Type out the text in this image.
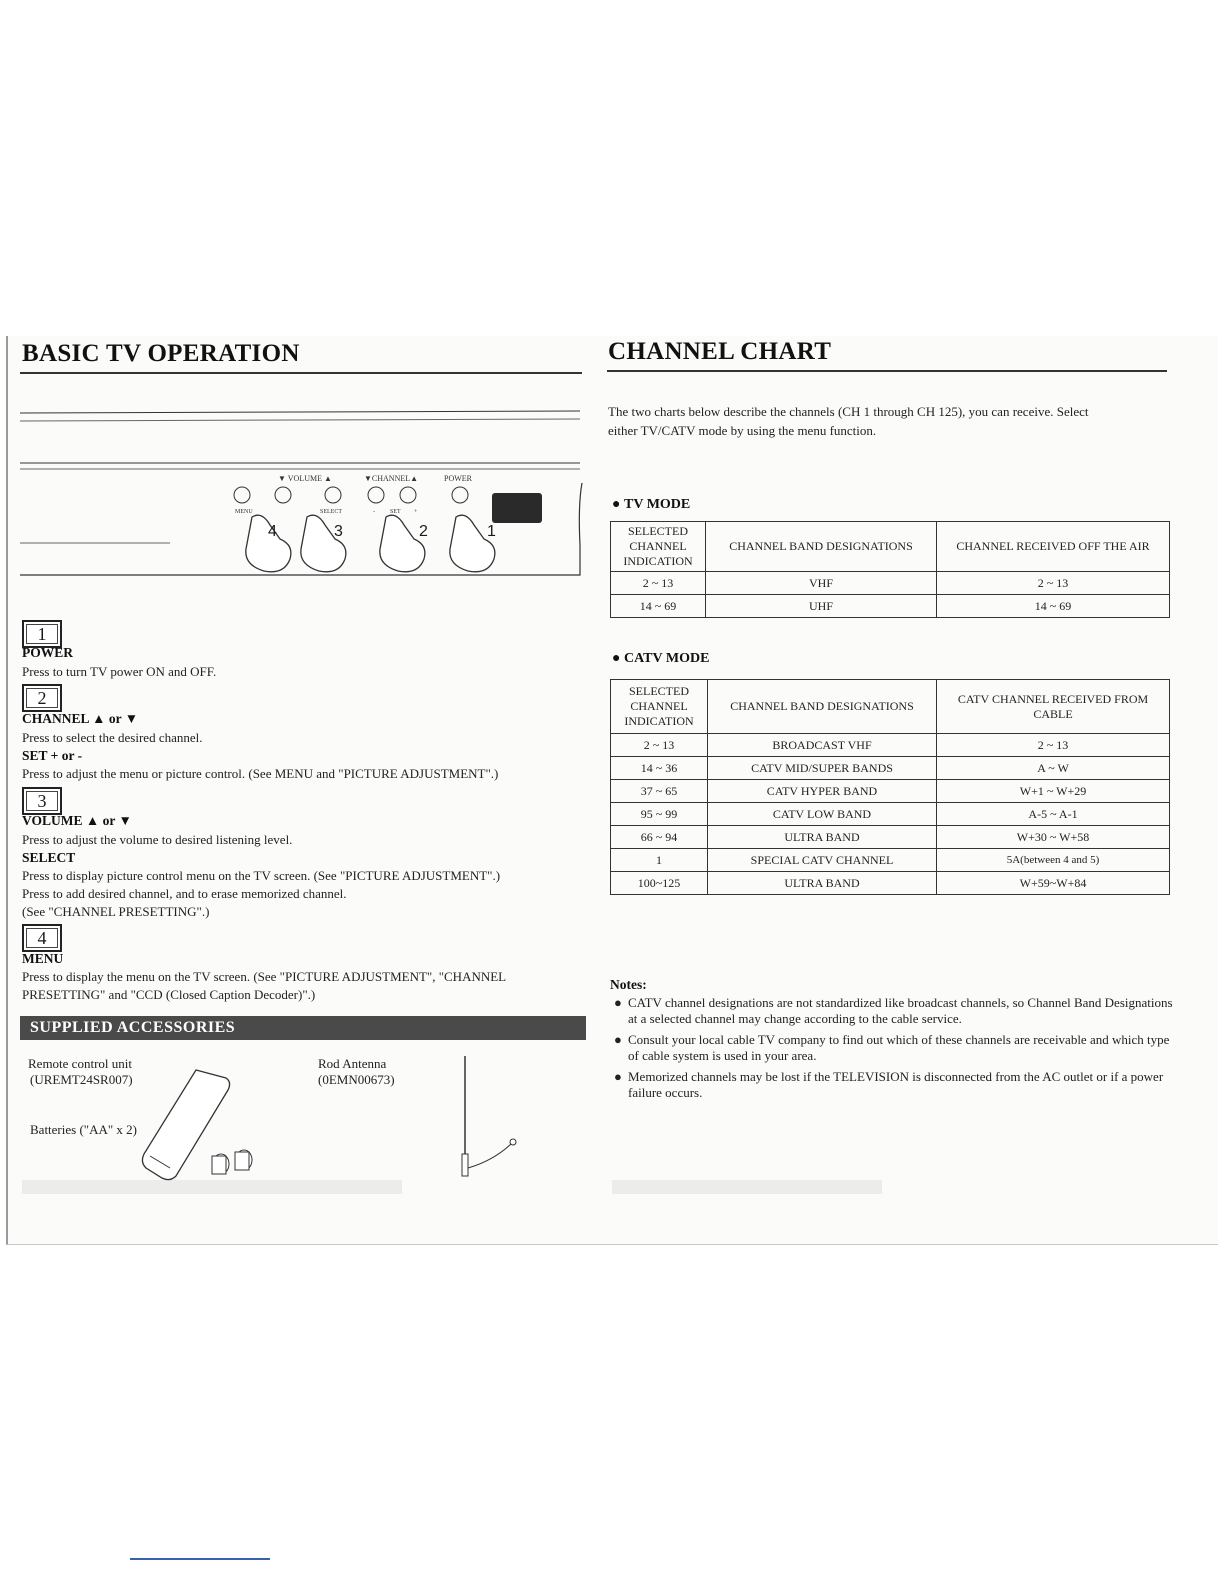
BASIC TV OPERATION
▼ VOLUME ▲	▼CHANNEL▲	POWER
MENU	SELECT	SET
-	+
4	3	2	1
1
POWER
Press to turn TV power ON and OFF.
2
CHANNEL ▲ or ▼
Press to select the desired channel.
SET + or -
Press to adjust the menu or picture control. (See MENU and "PICTURE ADJUSTMENT".)
3
VOLUME ▲ or ▼
Press to adjust the volume to desired listening level.
SELECT
Press to display picture control menu on the TV screen. (See "PICTURE ADJUSTMENT".)
Press to add desired channel, and to erase memorized channel.
(See "CHANNEL PRESETTING".)
4
MENU
Press to display the menu on the TV screen. (See "PICTURE ADJUSTMENT", "CHANNEL
PRESETTING" and "CCD (Closed Caption Decoder)".)
SUPPLIED ACCESSORIES
Remote control unit
(UREMT24SR007)
Rod Antenna
(0EMN00673)
Batteries ("AA" x 2)
CHANNEL CHART
The two charts below describe the channels (CH 1 through CH 125), you can receive. Select
either TV/CATV mode by using the menu function.
● TV MODE
SELECTED CHANNEL INDICATION	CHANNEL BAND DESIGNATIONS	CHANNEL RECEIVED OFF THE AIR
2 ~ 13	VHF	2 ~ 13
14 ~ 69	UHF	14 ~ 69
● CATV MODE
SELECTED CHANNEL INDICATION	CHANNEL BAND DESIGNATIONS	CATV CHANNEL RECEIVED FROM CABLE
2 ~ 13	BROADCAST VHF	2 ~ 13
14 ~ 36	CATV MID/SUPER BANDS	A ~ W
37 ~ 65	CATV HYPER BAND	W+1 ~ W+29
95 ~ 99	CATV LOW BAND	A-5 ~ A-1
66 ~ 94	ULTRA BAND	W+30 ~ W+58
1	SPECIAL CATV CHANNEL	5A(between 4 and 5)
100~125	ULTRA BAND	W+59~W+84
Notes:
● CATV channel designations are not standardized like broadcast channels, so Channel Band Designations at a selected channel may change according to the cable service.
● Consult your local cable TV company to find out which of these channels are receivable and which type of cable system is used in your area.
● Memorized channels may be lost if the TELEVISION is disconnected from the AC outlet or if a power failure occurs.
